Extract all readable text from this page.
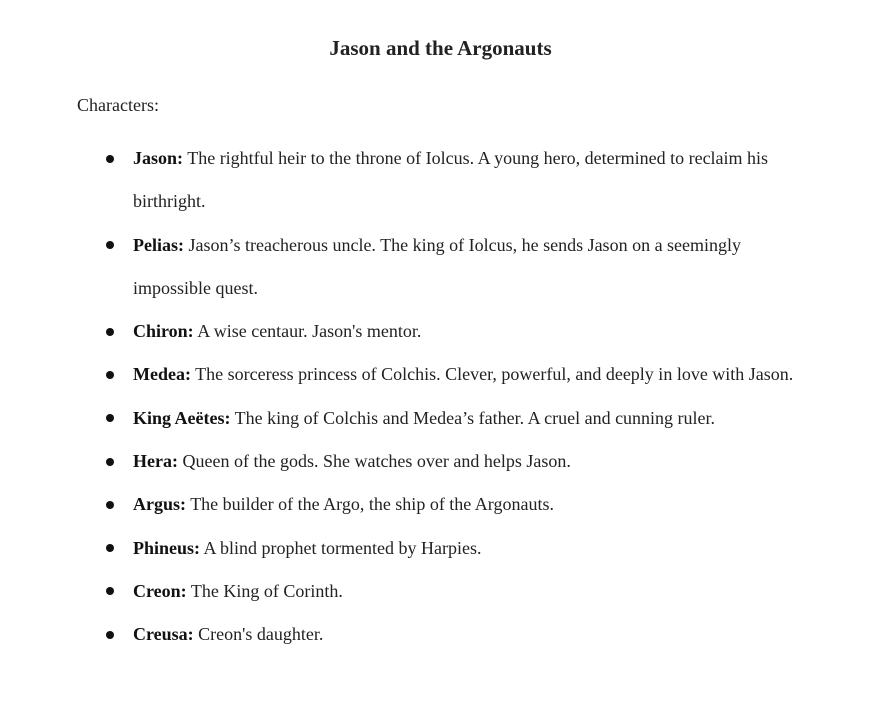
Jason and the Argonauts

Characters:

Jason: The rightful heir to the throne of Iolcus. A young hero, determined to reclaim his birthright.
Pelias: Jason’s treacherous uncle. The king of Iolcus, he sends Jason on a seemingly impossible quest.
Chiron: A wise centaur. Jason's mentor.
Medea: The sorceress princess of Colchis. Clever, powerful, and deeply in love with Jason.
King Aeëtes: The king of Colchis and Medea’s father. A cruel and cunning ruler.
Hera: Queen of the gods. She watches over and helps Jason.
Argus: The builder of the Argo, the ship of the Argonauts.
Phineus: A blind prophet tormented by Harpies.
Creon: The King of Corinth.
Creusa: Creon's daughter.
